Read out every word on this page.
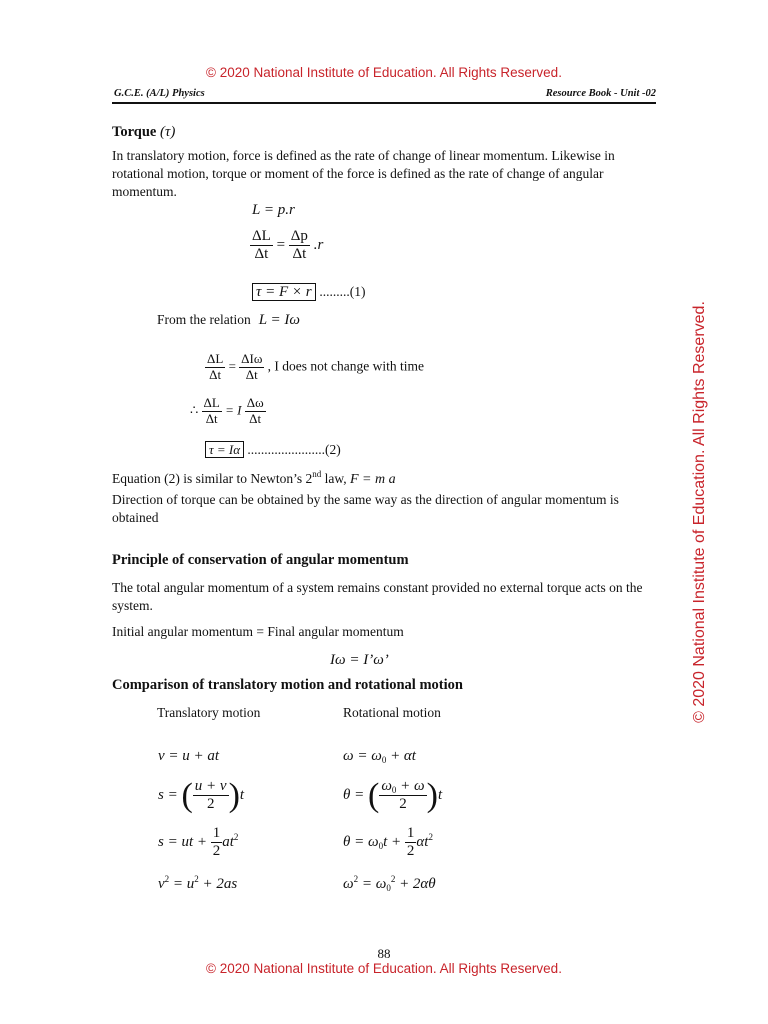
© 2020 National Institute of Education. All Rights Reserved.
G.C.E. (A/L) Physics	Resource Book - Unit -02
Torque (τ)
In translatory motion, force is defined as the rate of change of linear momentum. Likewise in rotational motion, torque or moment of the force is defined as the rate of change of angular momentum.
L = p.r
$\frac{\Delta L}{\Delta t} = \frac{\Delta p}{\Delta t} .r$
τ = F × r .........(1)
From the relation L = Iω
$\frac{\Delta L}{\Delta t} = \frac{\text{ΔIω}}{\Delta t}$ , I does not change with time
∴ $\frac{\Delta L}{\Delta t} = I \frac{\Delta\omega}{\Delta t}$
τ = Iα .......................(2)
Equation (2) is similar to Newton’s 2nd law, F = m a
Direction of torque can be obtained by the same way as the direction of angular momentum is obtained
Principle of conservation of angular momentum
The total angular momentum of a system remains constant provided no external torque acts on the system.
Initial angular momentum = Final angular momentum
Iω = I’ω’
Comparison of translatory motion and rotational motion
Translatory motion	Rotational motion
v = u + at	$\omega = \omega_0 + \alpha t$
s = ( $\frac{u + v}{2} )t$	θ = ( $\frac{\omega_0 + \omega}{2} )t$
s = ut + $\frac{1}{2} at^2$	$\theta = \omega_0t + \frac{1}{2} \alpha t^2$
$v^2 = u^2 + 2as$	$\omega^2 = \omega_0^2 + 2\alpha\theta$
88
© 2020 National Institute of Education. All Rights Reserved.
© 2020 National Institute of Education. All Rights Reserved.
